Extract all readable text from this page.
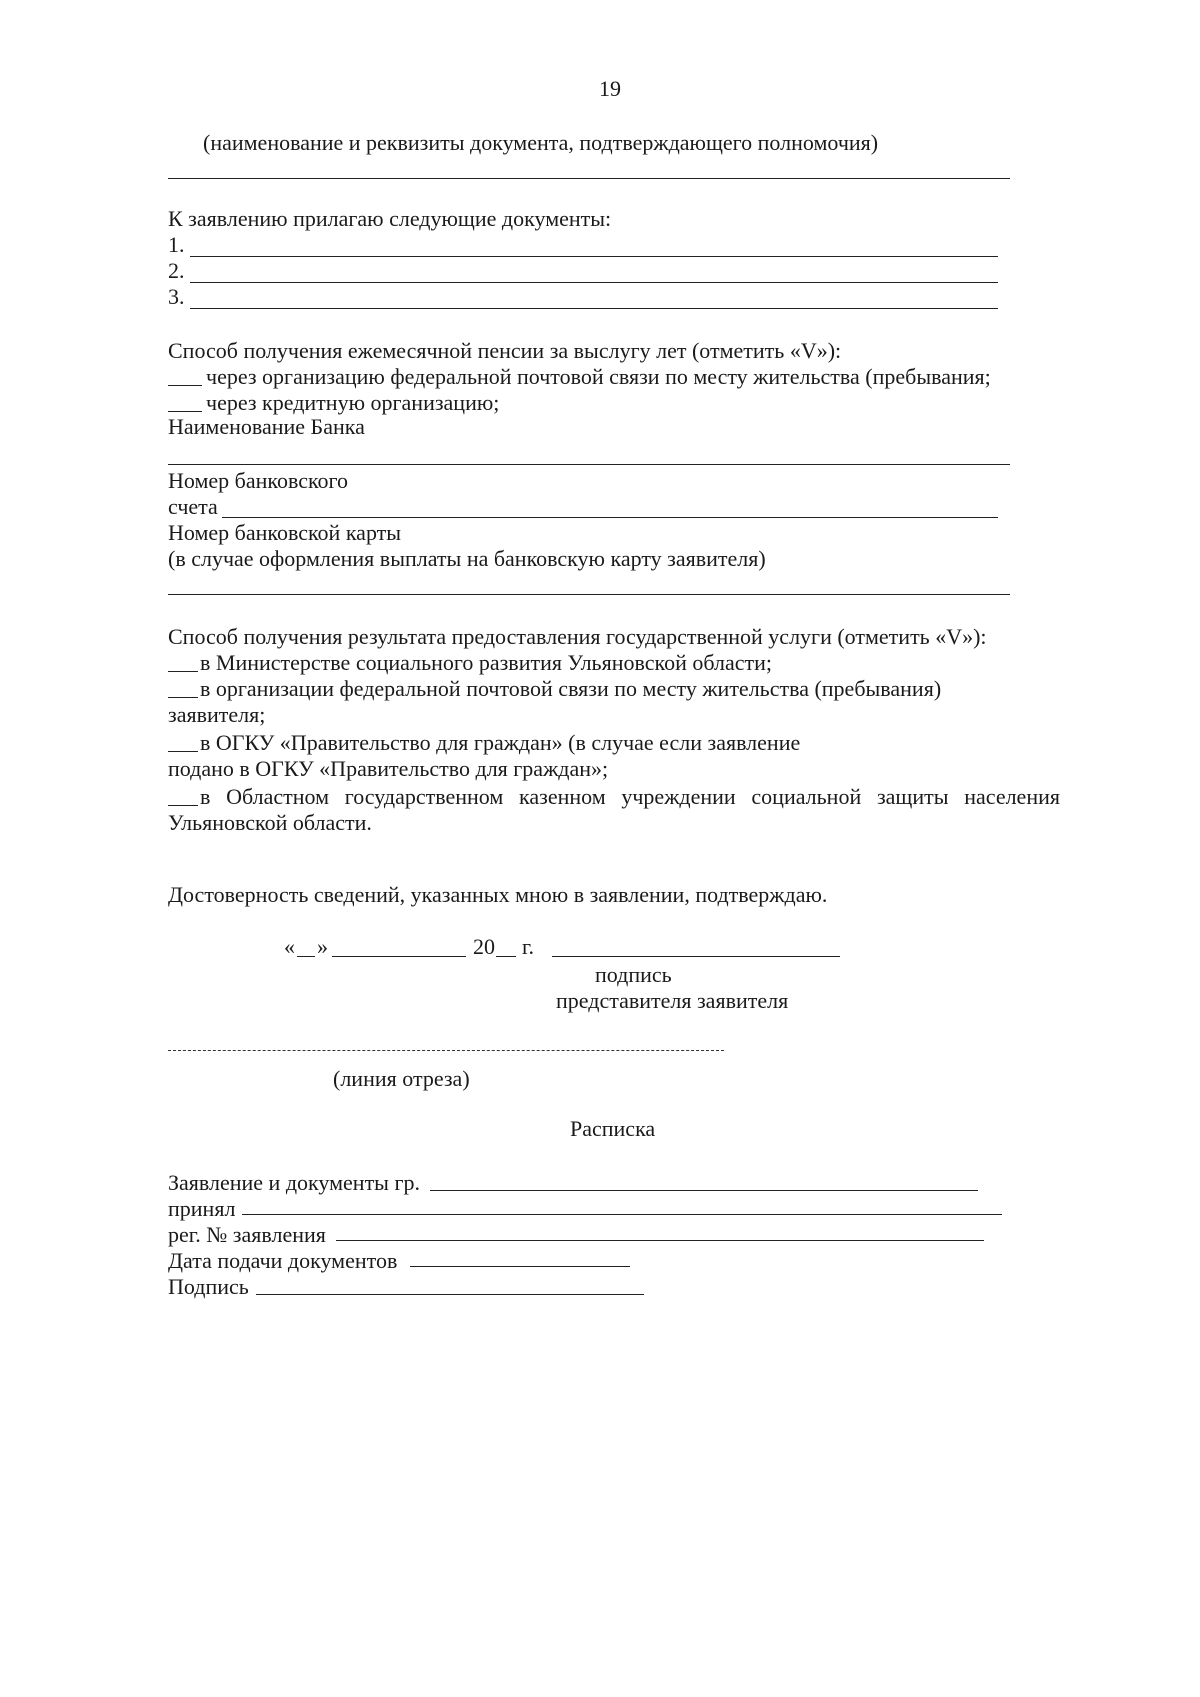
19
(наименование и реквизиты документа, подтверждающего полномочия)
К заявлению прилагаю следующие документы:
1.
2.
3.
Способ получения ежемесячной пенсии за выслугу лет (отметить «V»):
через организацию федеральной почтовой связи по месту жительства (пребывания;
через кредитную организацию;
Наименование Банка
Номер банковского
счета
Номер банковской карты
(в случае оформления выплаты на банковскую карту заявителя)
Способ получения результата предоставления государственной услуги (отметить «V»):
в Министерстве социального развития Ульяновской области;
в организации федеральной почтовой связи по месту жительства (пребывания)
заявителя;
в ОГКУ «Правительство для граждан» (в случае если заявление
подано в ОГКУ «Правительство для граждан»;
в Областном государственном казенном учреждении социальной защиты населения
Ульяновской области.
Достоверность сведений, указанных мною в заявлении, подтверждаю.
« »	20 г.
подпись
представителя заявителя
(линия отреза)
Расписка
Заявление и документы гр.
принял
рег. № заявления
Дата подачи документов
Подпись
